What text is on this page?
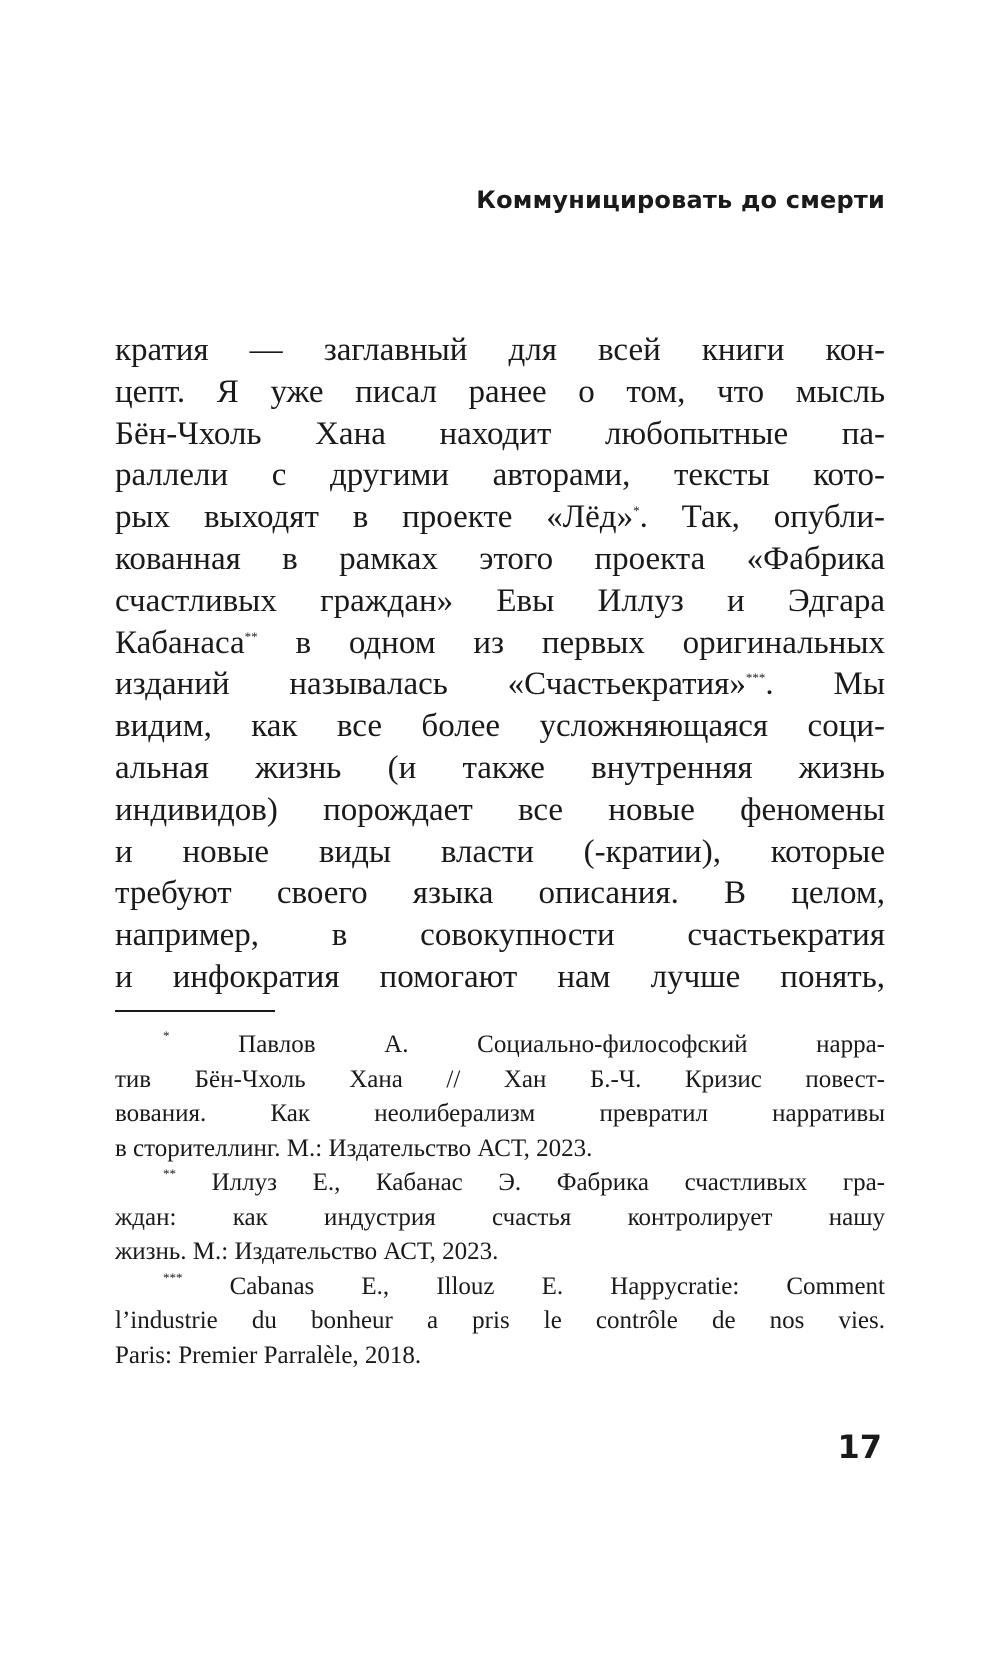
Коммуницировать до смерти
кратия — заглавный для всей книги кон-
цепт. Я уже писал ранее о том, что мысль
Бён-Чхоль Хана находит любопытные па-
раллели с другими авторами, тексты кото-
рых выходят в проекте «Лёд»*. Так, опубли-
кованная в рамках этого проекта «Фабрика
счастливых граждан» Евы Иллуз и Эдгара
Кабанаса** в одном из первых оригинальных
изданий называлась «Счастьекратия»***. Мы
видим, как все более усложняющаяся соци-
альная жизнь (и также внутренняя жизнь
индивидов) порождает все новые феномены
и новые виды власти (-кратии), которые
требуют своего языка описания. В целом,
например, в совокупности счастьекратия
и инфократия помогают нам лучше понять,
* Павлов А. Социально-философский нарра-
тив Бён-Чхоль Хана // Хан Б.-Ч. Кризис повест-
вования. Как неолиберализм превратил нарративы
в сторителлинг. М.: Издательство АСТ, 2023.
** Иллуз Е., Кабанас Э. Фабрика счастливых гра-
ждан: как индустрия счастья контролирует нашу
жизнь. М.: Издательство АСТ, 2023.
*** Cabanas E., Illouz E. Happycratie: Comment
l’industrie du bonheur a pris le contrôle de nos vies.
Paris: Premier Parralèle, 2018.
17
